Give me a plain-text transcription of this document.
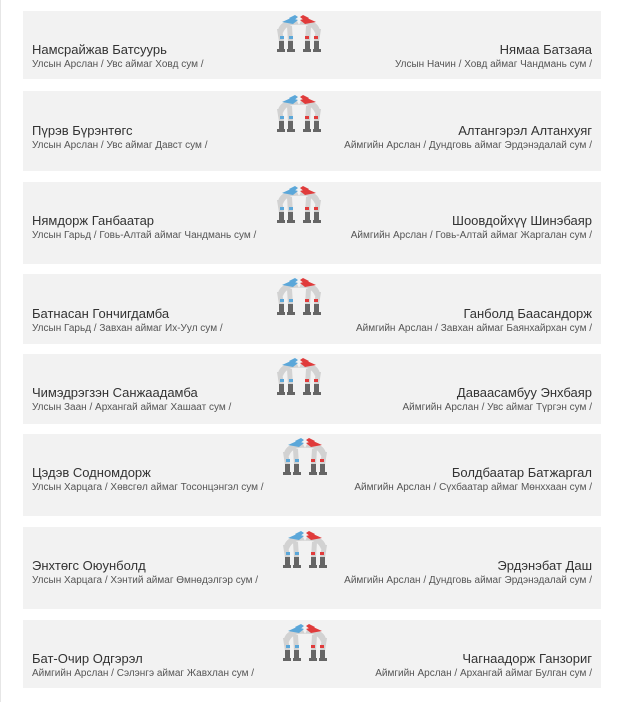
Намсрайжав Батсуурь
Улсын Арслан / Увс аймаг Ховд сум /
Нямаа Батзаяа
Улсын Начин / Ховд аймаг Чандмань сум /
Пүрэв Бүрэнтөгс
Улсын Арслан / Увс аймаг Давст сум /
Алтангэрэл Алтанхуяг
Аймгийн Арслан / Дундговь аймаг Эрдэнэдалай сум /
Нямдорж Ганбаатар
Улсын Гарьд / Говь-Алтай аймаг Чандмань сум /
Шоовдойхүү Шинэбаяр
Аймгийн Арслан / Говь-Алтай аймаг Жаргалан сум /
Батнасан Гончигдамба
Улсын Гарьд / Завхан аймаг Их-Уул сум /
Ганболд Баасандорж
Аймгийн Арслан / Завхан аймаг Баянхайрхан сум /
Чимэдрэгзэн Санжаадамба
Улсын Заан / Архангай аймаг Хашаат сум /
Даваасамбуу Энхбаяр
Аймгийн Арслан / Увс аймаг Түргэн сум /
Цэдэв Содномдорж
Улсын Харцага / Хөвсгөл аймаг Тосонцэнгэл сум /
Болдбаатар Батжаргал
Аймгийн Арслан / Сүхбаатар аймаг Мөнххаан сум /
Энхтөгс Оюунболд
Улсын Харцага / Хэнтий аймаг Өмнөдэлгэр сум /
Эрдэнэбат Даш
Аймгийн Арслан / Дундговь аймаг Эрдэнэдалай сум /
Бат-Очир Одгэрэл
Аймгийн Арслан / Сэлэнгэ аймаг Жавхлан сум /
Чагнаадорж Ганзориг
Аймгийн Арслан / Архангай аймаг Булган сум /
